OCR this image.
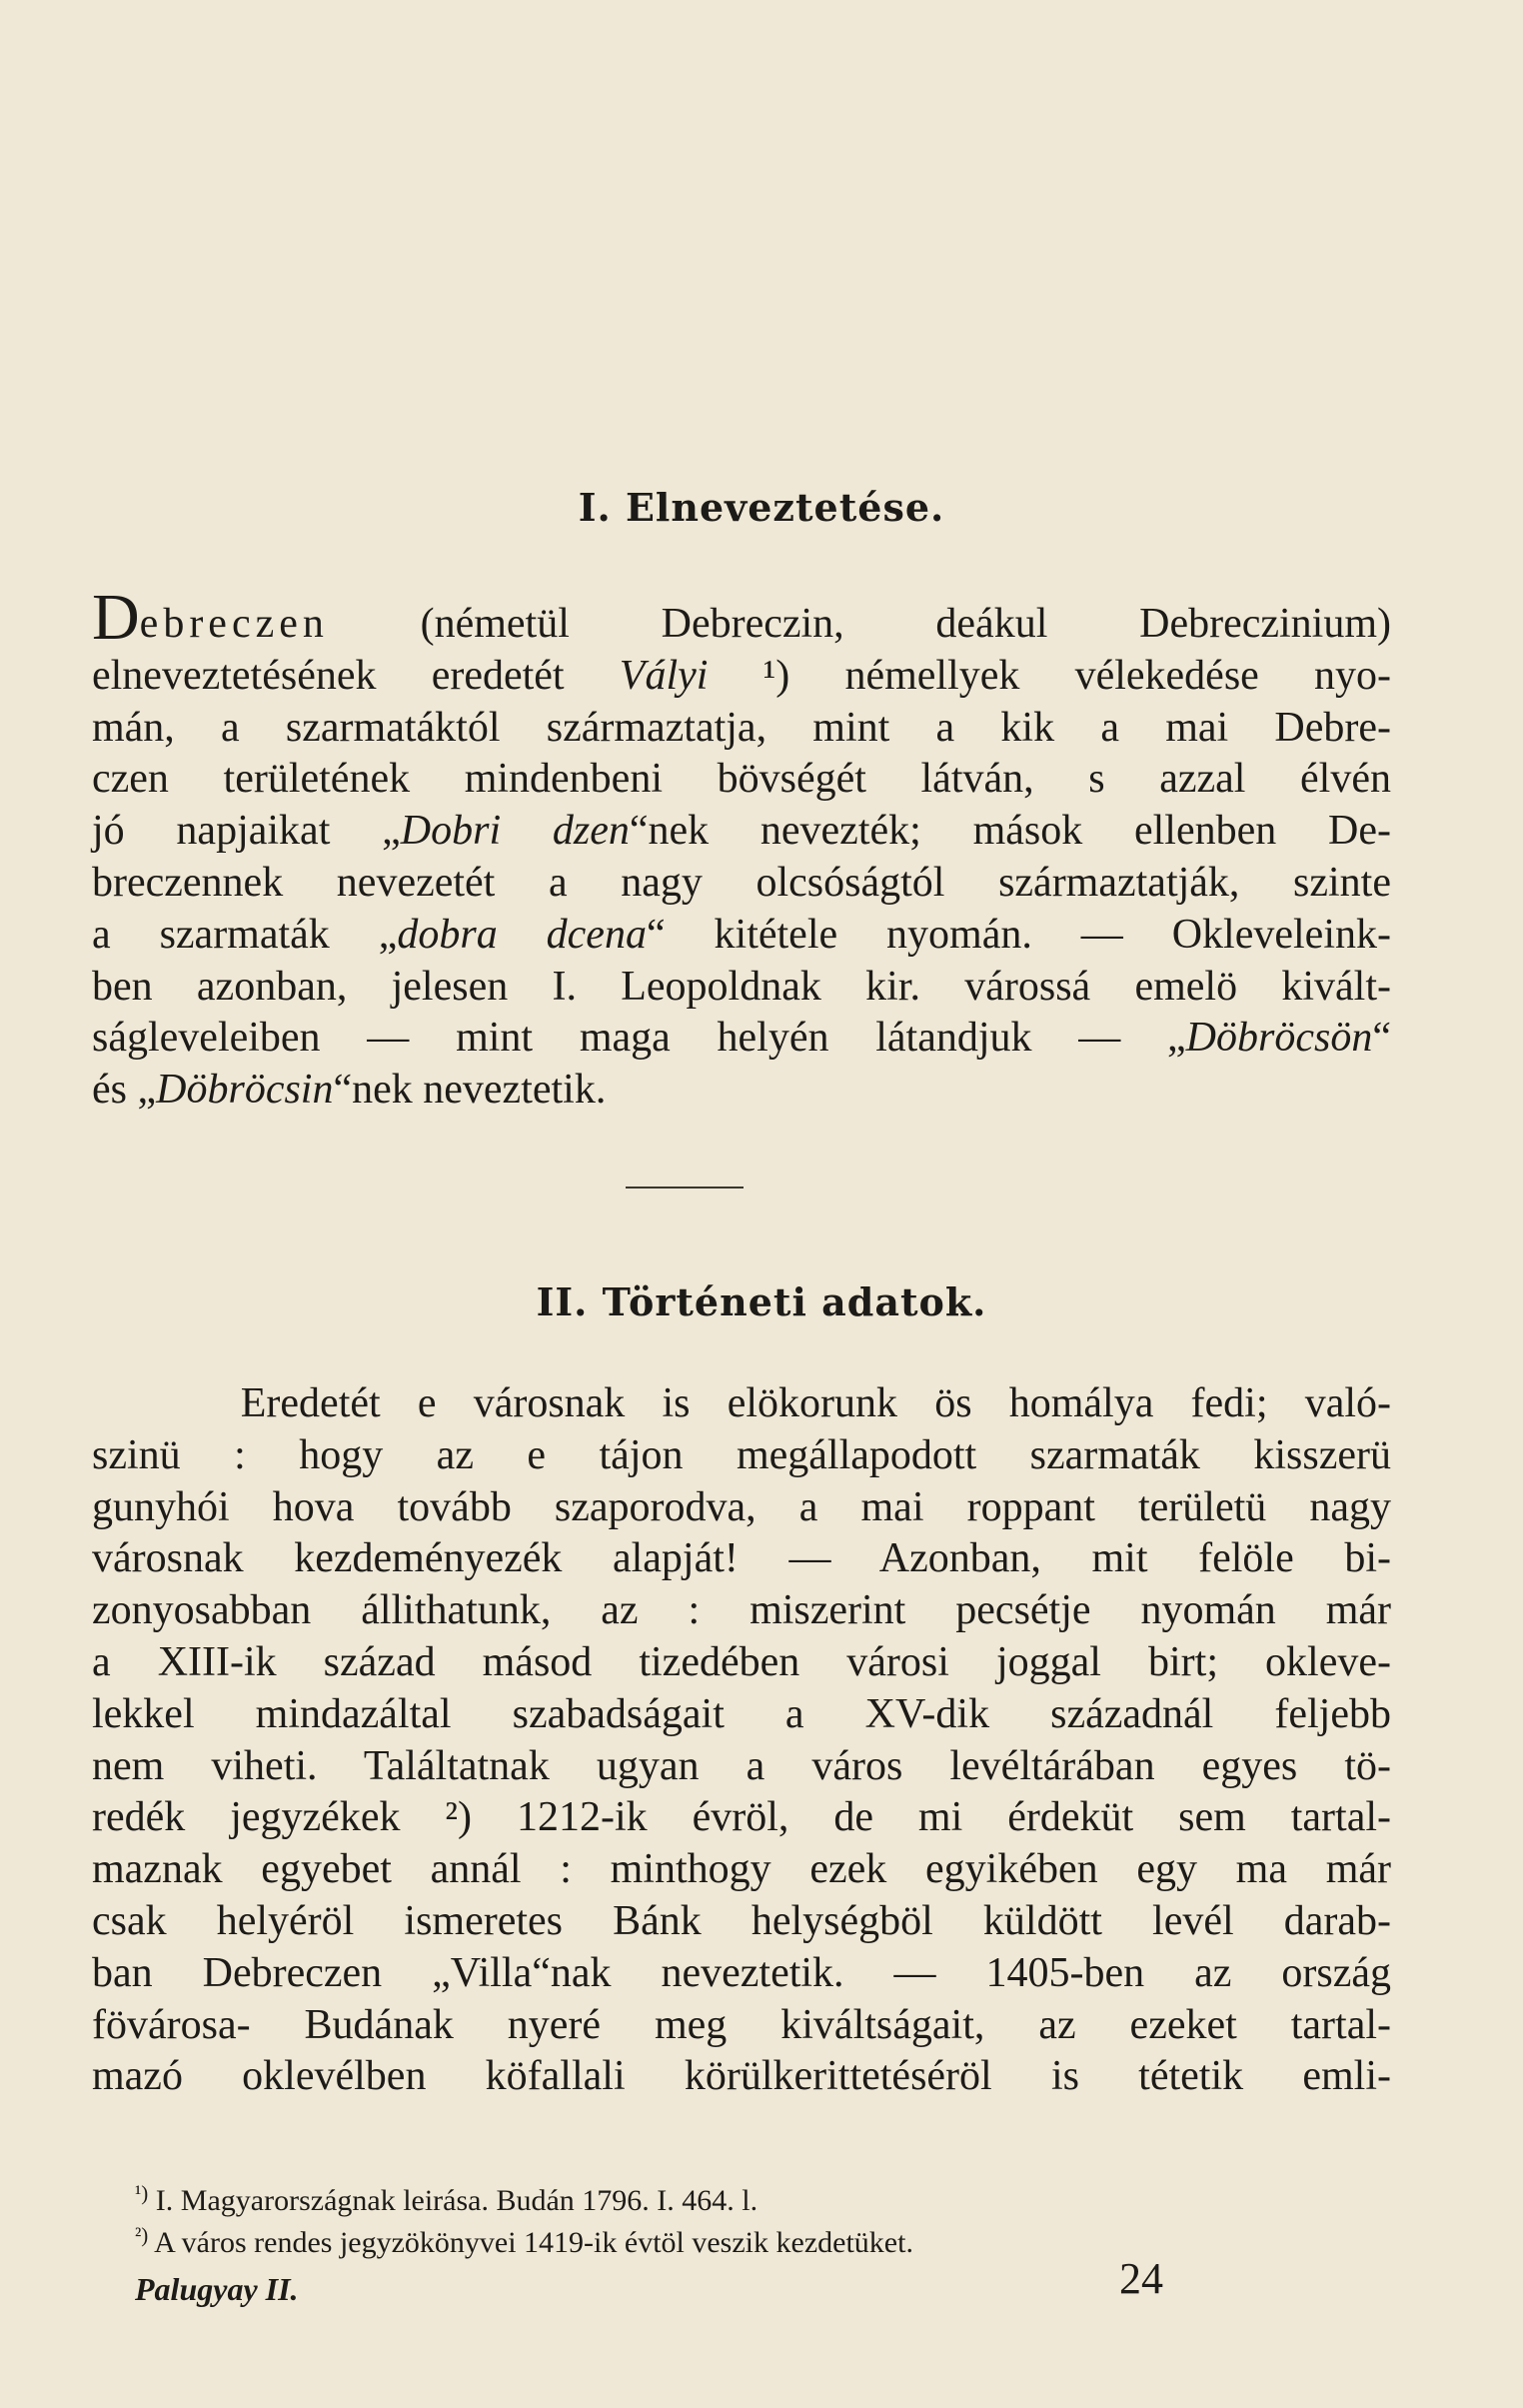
I. Elneveztetése.
Debreczen (németül Debreczin, deákul Debreczinium)
elneveztetésének eredetét Vályi ¹) némellyek vélekedése nyo-
mán, a szarmatáktól származtatja, mint a kik a mai Debre-
czen területének mindenbeni bövségét látván, s azzal élvén
jó napjaikat „Dobri dzen“nek nevezték; mások ellenben De-
breczennek nevezetét a nagy olcsóságtól származtatják, szinte
a szarmaták „dobra dcena“ kitétele nyomán. — Okleveleink-
ben azonban, jelesen I. Leopoldnak kir. várossá emelö kivált-
ságleveleiben — mint maga helyén látandjuk — „Döbröcsön“
és „Döbröcsin“nek neveztetik.
II. Történeti adatok.
Eredetét e városnak is elökorunk ös homálya fedi; való-
szinü : hogy az e tájon megállapodott szarmaták kisszerü
gunyhói hova tovább szaporodva, a mai roppant területü nagy
városnak kezdeményezék alapját! — Azonban, mit felöle bi-
zonyosabban állithatunk, az : miszerint pecsétje nyomán már
a XIII-ik század másod tizedében városi joggal birt; okleve-
lekkel mindazáltal szabadságait a XV-dik századnál feljebb
nem viheti. Találtatnak ugyan a város levéltárában egyes tö-
redék jegyzékek ²) 1212-ik évröl, de mi érdeküt sem tartal-
maznak egyebet annál : minthogy ezek egyikében egy ma már
csak helyéröl ismeretes Bánk helységböl küldött levél darab-
ban Debreczen „Villa“nak neveztetik. — 1405-ben az ország
fövárosa- Budának nyeré meg kiváltságait, az ezeket tartal-
mazó oklevélben köfallali körülkerittetéséröl is tétetik emli-
$^{^1)}$ I. Magyarországnak leirása. Budán 1796. I. 464. l.
$^{^2)}$ A város rendes jegyzökönyvei 1419-ik évtöl veszik kezdetüket.
Palugyay II.	24
